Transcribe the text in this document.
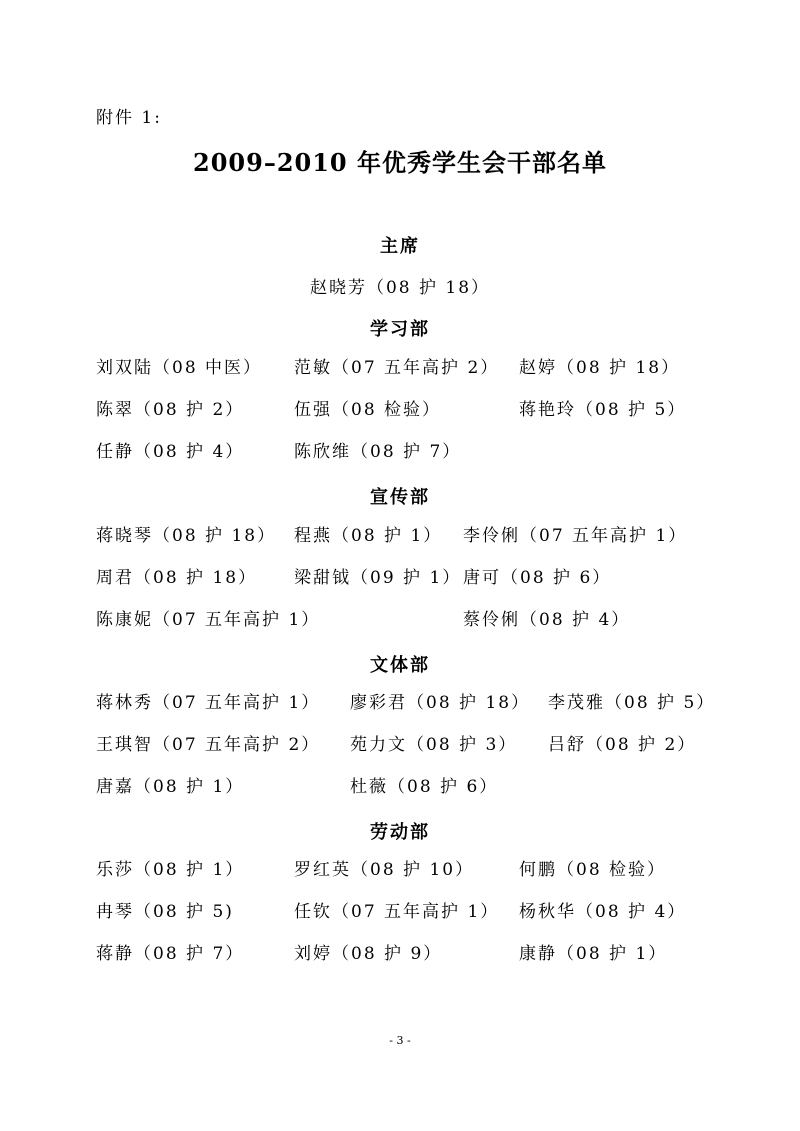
附件 1:
2009–2010 年优秀学生会干部名单
主席
赵晓芳（08 护 18）
学习部
刘双陆（08 中医） 范敏（07 五年高护 2） 赵婷（08 护 18）
陈翠（08 护 2）	伍强（08 检验）	蒋艳玲（08 护 5）
任静（08 护 4）	陈欣维（08 护 7）
宣传部
蒋晓琴（08 护 18） 程燕（08 护 1） 李伶俐（07 五年高护 1）
周君（08 护 18） 梁甜钺（09 护 1） 唐可（08 护 6）
陈康妮（07 五年高护 1）	蔡伶俐（08 护 4）
文体部
蒋林秀（07 五年高护 1） 廖彩君（08 护 18） 李茂雅（08 护 5）
王琪智（07 五年高护 2） 苑力文（08 护 3） 吕舒（08 护 2）
唐嘉（08 护 1）	杜薇（08 护 6）
劳动部
乐莎（08 护 1）	罗红英（08 护 10）	何鹏（08 检验）
冉琴（08 护 5)	任钦（07 五年高护 1） 杨秋华（08 护 4）
蒋静（08 护 7）	刘婷（08 护 9）	康静（08 护 1）
- 3 -
